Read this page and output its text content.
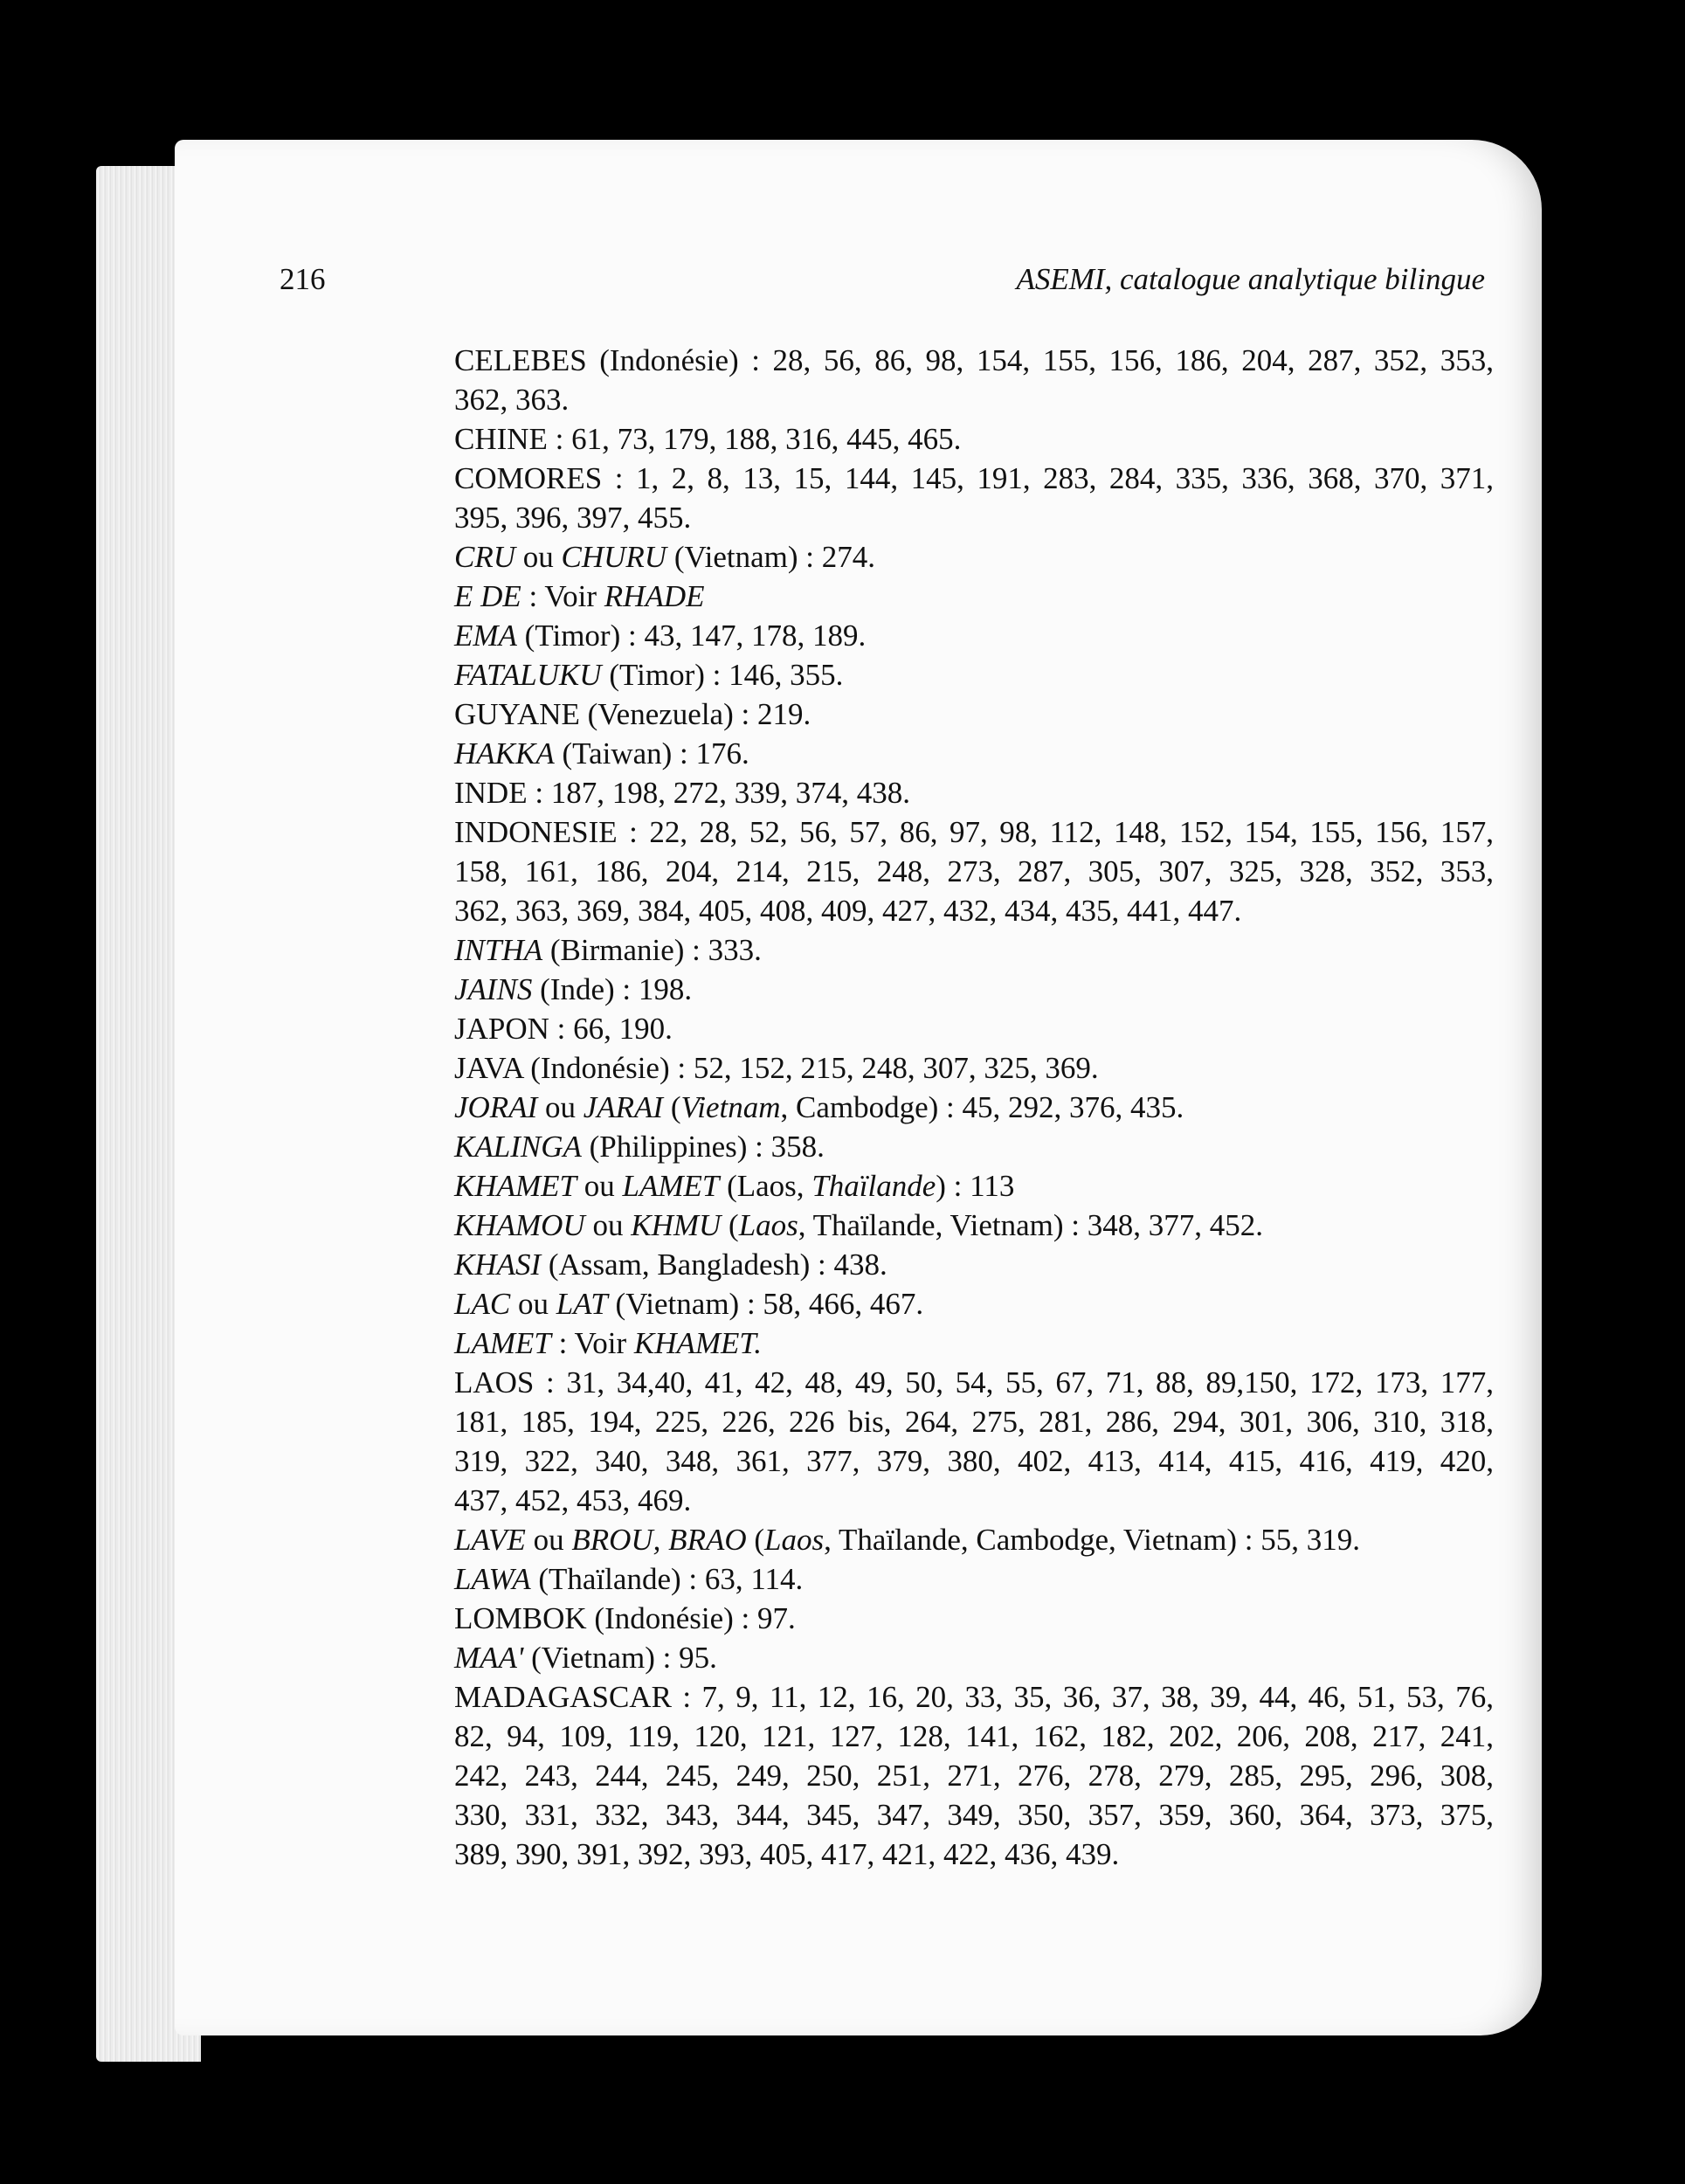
216	ASEMI, catalogue analytique bilingue
CELEBES (Indonésie) : 28, 56, 86, 98, 154, 155, 156, 186, 204, 287, 352, 353,
362, 363.
CHINE : 61, 73, 179, 188, 316, 445, 465.
COMORES : 1, 2, 8, 13, 15, 144, 145, 191, 283, 284, 335, 336, 368, 370, 371,
395, 396, 397, 455.
CRU ou CHURU (Vietnam) : 274.
E DE : Voir RHADE
EMA (Timor) : 43, 147, 178, 189.
FATALUKU (Timor) : 146, 355.
GUYANE (Venezuela) : 219.
HAKKA (Taiwan) : 176.
INDE : 187, 198, 272, 339, 374, 438.
INDONESIE : 22, 28, 52, 56, 57, 86, 97, 98, 112, 148, 152, 154, 155, 156, 157,
158, 161, 186, 204, 214, 215, 248, 273, 287, 305, 307, 325, 328, 352, 353,
362, 363, 369, 384, 405, 408, 409, 427, 432, 434, 435, 441, 447.
INTHA (Birmanie) : 333.
JAINS (Inde) : 198.
JAPON : 66, 190.
JAVA (Indonésie) : 52, 152, 215, 248, 307, 325, 369.
JORAI ou JARAI (Vietnam, Cambodge) : 45, 292, 376, 435.
KALINGA (Philippines) : 358.
KHAMET ou LAMET (Laos, Thaïlande) : 113
KHAMOU ou KHMU (Laos, Thaïlande, Vietnam) : 348, 377, 452.
KHASI (Assam, Bangladesh) : 438.
LAC ou LAT (Vietnam) : 58, 466, 467.
LAMET : Voir KHAMET.
LAOS : 31, 34,40, 41, 42, 48, 49, 50, 54, 55, 67, 71, 88, 89,150, 172, 173, 177,
181, 185, 194, 225, 226, 226 bis, 264, 275, 281, 286, 294, 301, 306, 310, 318,
319, 322, 340, 348, 361, 377, 379, 380, 402, 413, 414, 415, 416, 419, 420,
437, 452, 453, 469.
LAVE ou BROU, BRAO (Laos, Thaïlande, Cambodge, Vietnam) : 55, 319.
LAWA (Thaïlande) : 63, 114.
LOMBOK (Indonésie) : 97.
MAA' (Vietnam) : 95.
MADAGASCAR : 7, 9, 11, 12, 16, 20, 33, 35, 36, 37, 38, 39, 44, 46, 51, 53, 76,
82, 94, 109, 119, 120, 121, 127, 128, 141, 162, 182, 202, 206, 208, 217, 241,
242, 243, 244, 245, 249, 250, 251, 271, 276, 278, 279, 285, 295, 296, 308,
330, 331, 332, 343, 344, 345, 347, 349, 350, 357, 359, 360, 364, 373, 375,
389, 390, 391, 392, 393, 405, 417, 421, 422, 436, 439.
